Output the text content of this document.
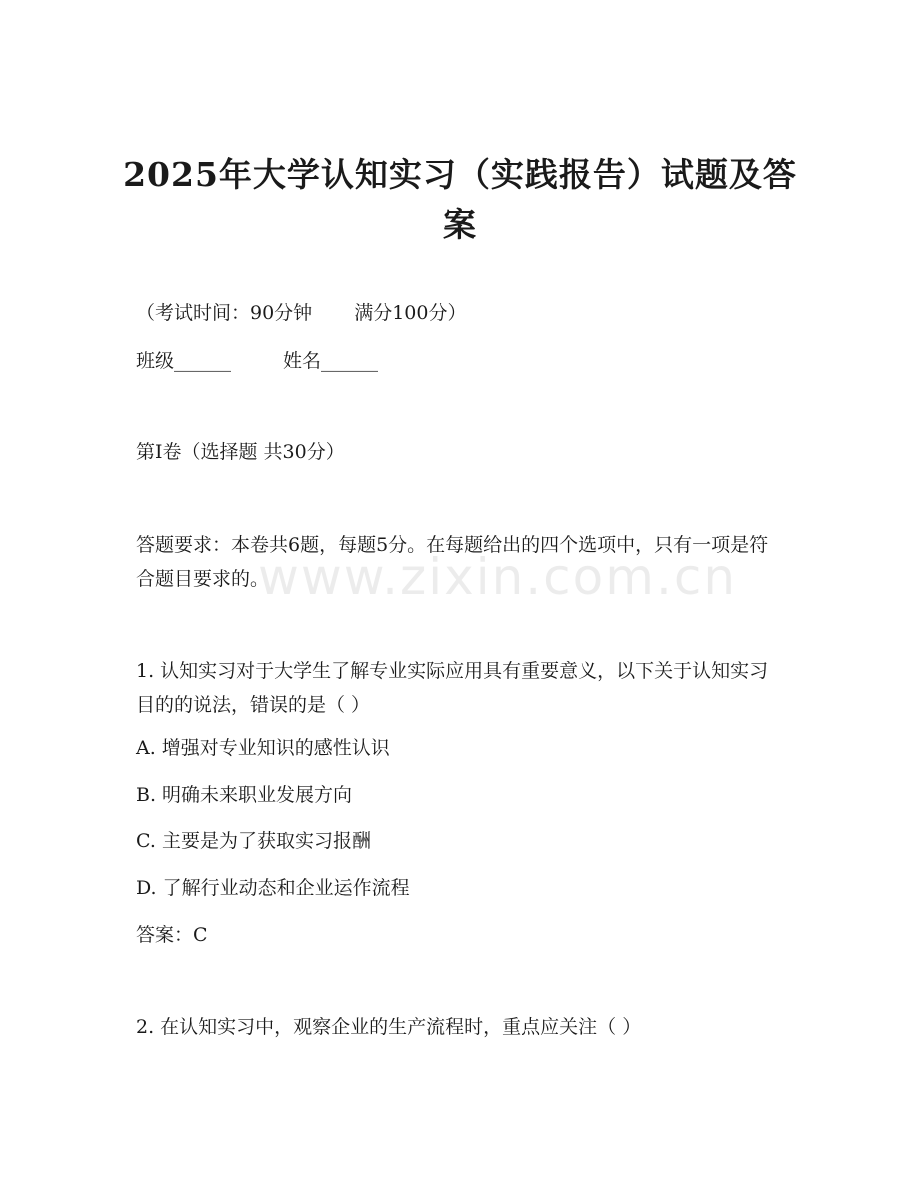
2025年大学认知实习（实践报告）试题及答案
（考试时间：90分钟 满分100分）
班级______	姓名______
第I卷（选择题 共30分）

答题要求：本卷共6题，每题5分。在每题给出的四个选项中，只有一项是符合题目要求的。

1. 认知实习对于大学生了解专业实际应用具有重要意义，以下关于认知实习目的的说法，错误的是（ ）

A. 增强对专业知识的感性认识
B. 明确未来职业发展方向
C. 主要是为了获取实习报酬
D. 了解行业动态和企业运作流程
答案：C
2. 在认知实习中，观察企业的生产流程时，重点应关注（ ）
www.zixin.com.cn
